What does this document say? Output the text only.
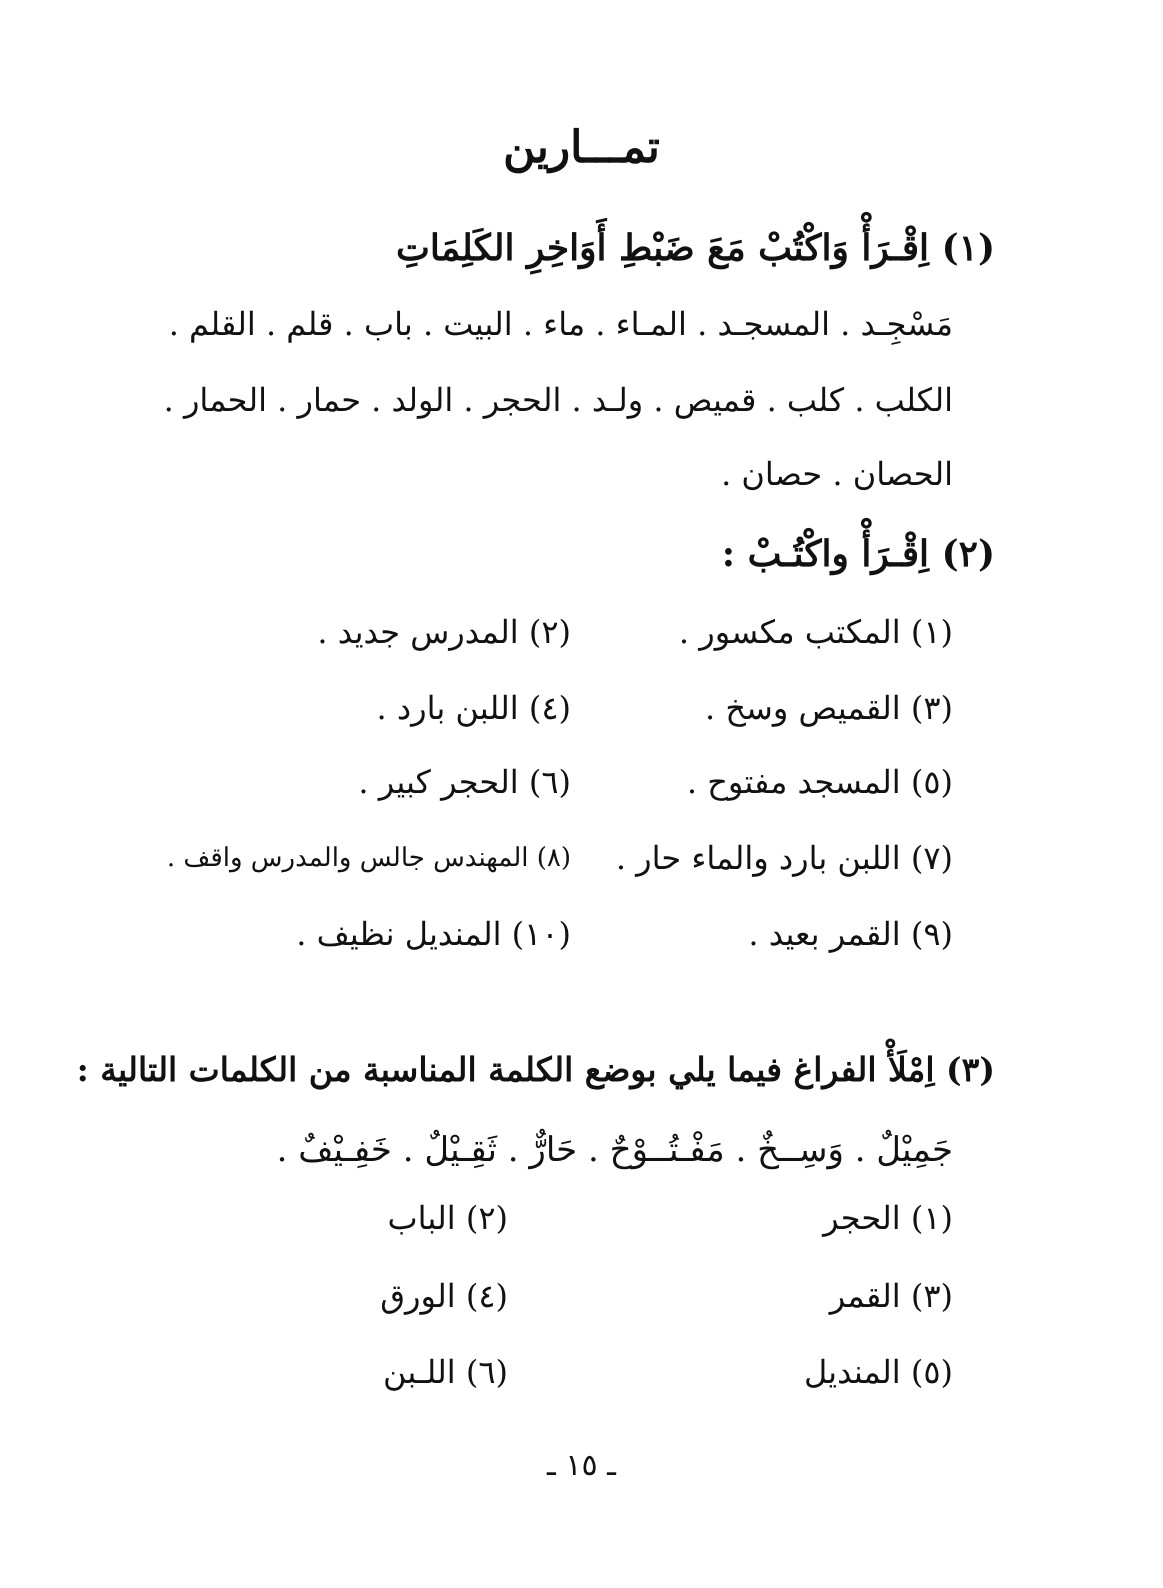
تمـــارين
(١) اِقْـرَأْ وَاكْتُبْ مَعَ ضَبْطِ أَوَاخِرِ الكَلِمَاتِ
مَسْجِـد . المسجـد . المـاء . ماء . البيت . باب . قلم . القلم .
الكلب . كلب . قميص . ولـد . الحجر . الولد . حمار . الحمار .
الحصان . حصان .
(٢) اِقْـرَأْ واكْتُـبْ :
(١) المكتب مكسور .
(٢) المدرس جديد .
(٣) القميص وسخ .
(٤) اللبن بارد .
(٥) المسجد مفتوح .
(٦) الحجر كبير .
(٧) اللبن بارد والماء حار .
(٨) المهندس جالس والمدرس واقف .
(٩) القمر بعيد .
(١٠) المنديل نظيف .
(٣) اِمْلَأْ الفراغ فيما يلي بوضع الكلمة المناسبة من الكلمات التالية :
جَمِيْلٌ . وَسِــخٌ . مَفْـتُــوْحٌ . حَارٌّ . ثَقِـيْلٌ . خَفِـيْفٌ .
(١) الحجر
(٢) الباب
(٣) القمر
(٤) الورق
(٥) المنديل
(٦) اللـبن
ـ ١٥ ـ
